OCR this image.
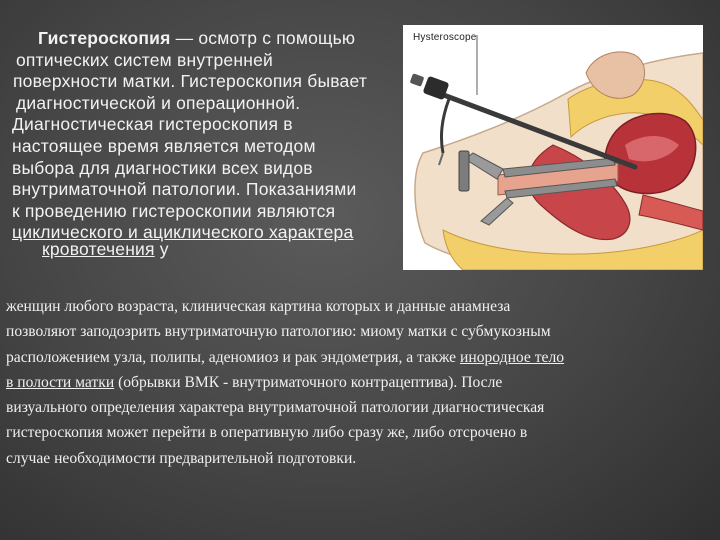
Гистероскопия — осмотр с помощью
оптических систем внутренней
поверхности матки. Гистероскопия бывает
диагностической и операционной.
Диагностическая гистероскопия в
настоящее время является методом
выбора для диагностики всех видов
внутриматочной патологии. Показаниями
к проведению гистероскопии являются
циклического и ациклического характера
кровотечения у
Hysteroscope
женщин любого возраста, клиническая картина которых и данные анамнеза
позволяют заподозрить внутриматочную патологию: миому матки с субмукозным
расположением узла, полипы, аденомиоз и рак эндометрия, а также инородное тело
в полости матки (обрывки ВМК - внутриматочного контрацептива). После
визуального определения характера внутриматочной патологии диагностическая
гистероскопия может перейти в оперативную либо сразу же, либо отсрочено в
случае необходимости предварительной подготовки.
